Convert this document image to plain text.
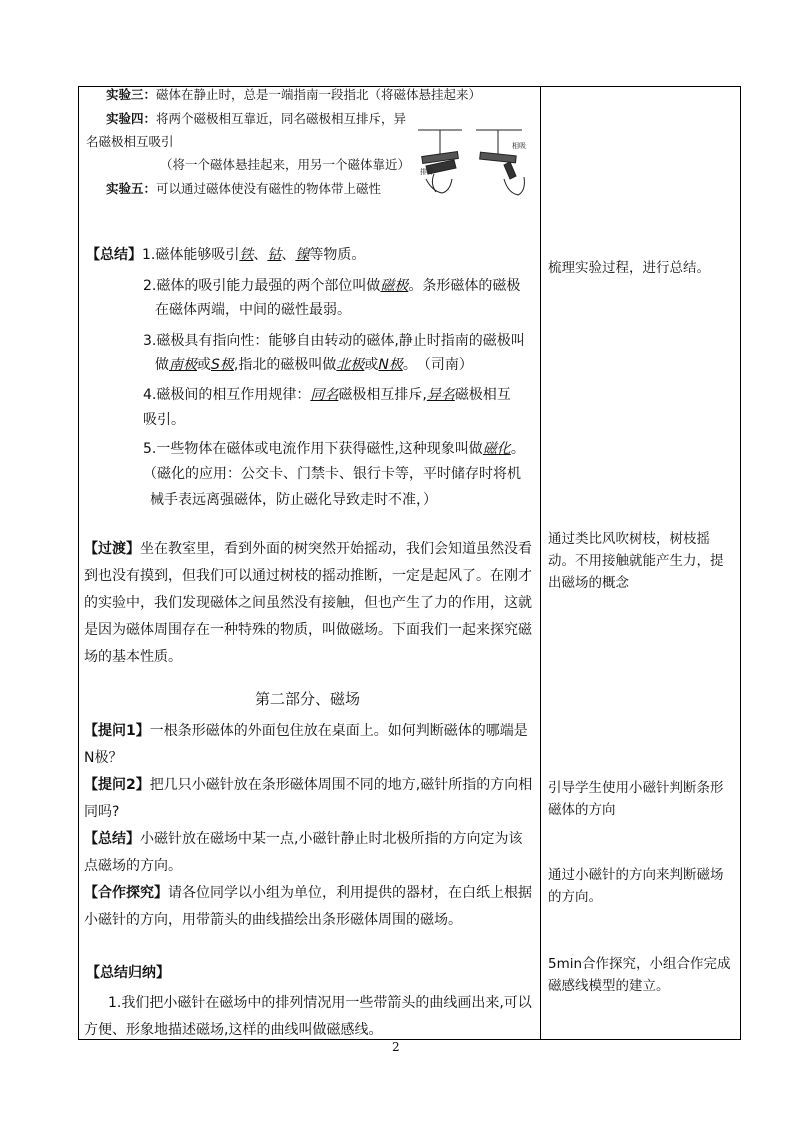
实验三：磁体在静止时，总是一端指南一段指北（将磁体悬挂起来）
实验四：将两个磁极相互靠近，同名磁极相互排斥，异
名磁极相互吸引
（将一个磁体悬挂起来，用另一个磁体靠近）
实验五：可以通过磁体使没有磁性的物体带上磁性
相吸
排斥
【总结】1.磁体能够吸引铁、钴、镍等物质。
2.磁体的吸引能力最强的两个部位叫做磁极。条形磁体的磁极
在磁体两端，中间的磁性最弱。
3.磁极具有指向性：能够自由转动的磁体,静止时指南的磁极叫
做南极或S极,指北的磁极叫做北极或N极。　（司南）
4.磁极间的相互作用规律：同名磁极相互排斥,异名磁极相互
吸引。
5.一些物体在磁体或电流作用下获得磁性,这种现象叫做磁化。
（磁化的应用：公交卡、门禁卡、银行卡等，平时储存时将机
械手表远离强磁体，防止磁化导致走时不准，）
梳理实验过程，进行总结。
【过渡】坐在教室里，看到外面的树突然开始摇动，我们会知道虽然没看到也没有摸到，但我们可以通过树枝的摇动推断，一定是起风了。在刚才的实验中，我们发现磁体之间虽然没有接触，但也产生了力的作用，这就是因为磁体周围存在一种特殊的物质，叫做磁场。下面我们一起来探究磁场的基本性质。
通过类比风吹树枝，树枝摇动。不用接触就能产生力，提出磁场的概念
第二部分、磁场
【提问1】一根条形磁体的外面包住放在桌面上。如何判断磁体的哪端是N极？
【提问2】把几只小磁针放在条形磁体周围不同的地方,磁针所指的方向相同吗?
【总结】小磁针放在磁场中某一点,小磁针静止时北极所指的方向定为该点磁场的方向。
【合作探究】请各位同学以小组为单位，利用提供的器材，在白纸上根据小磁针的方向，用带箭头的曲线描绘出条形磁体周围的磁场。
【总结归纳】
1.我们把小磁针在磁场中的排列情况用一些带箭头的曲线画出来,可以方便、形象地描述磁场,这样的曲线叫做磁感线。
引导学生使用小磁针判断条形磁体的方向
通过小磁针的方向来判断磁场的方向。
5min合作探究，小组合作完成磁感线模型的建立。
2
